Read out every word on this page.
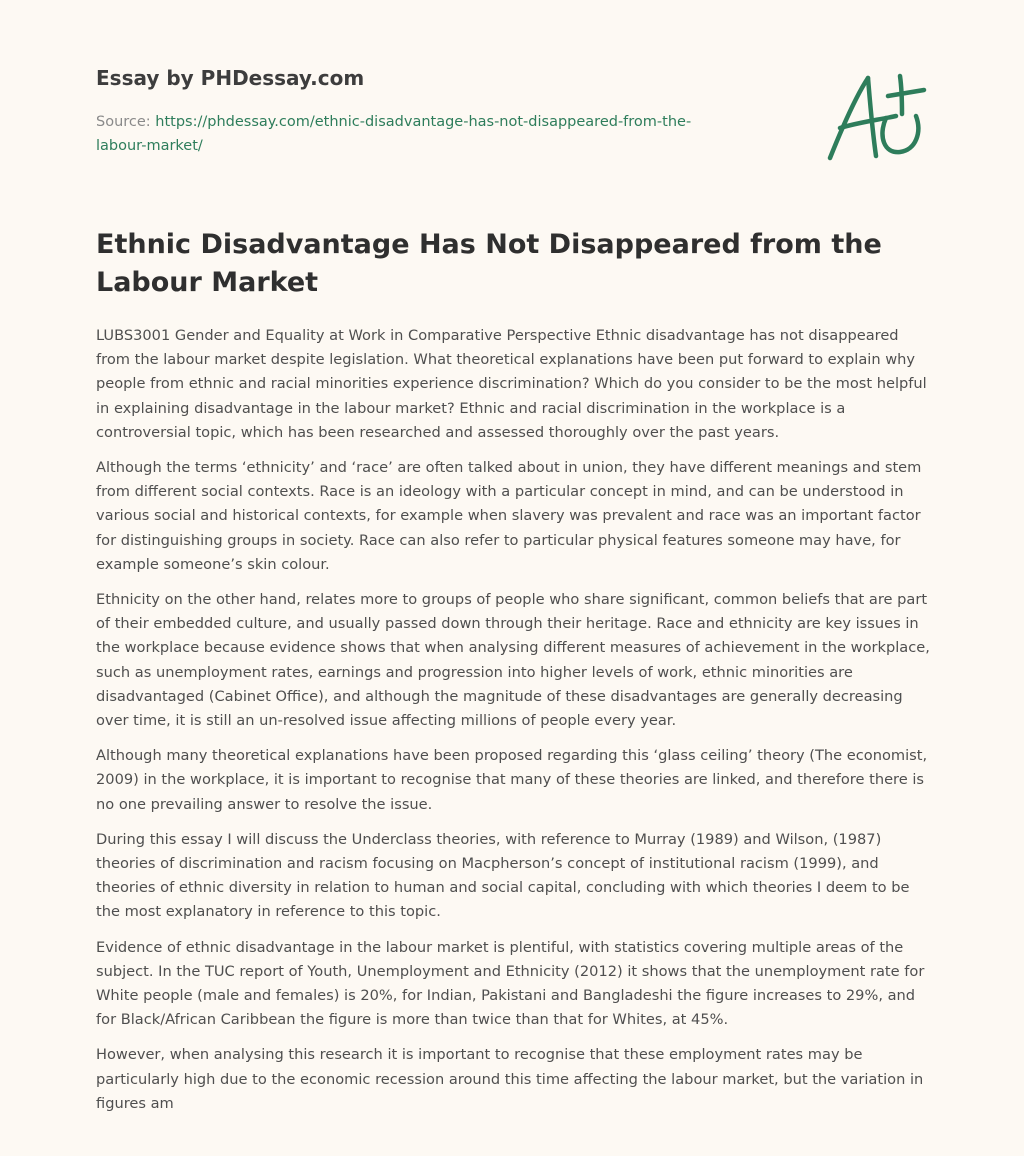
Essay by PHDessay.com
Source: https://phdessay.com/ethnic-disadvantage-has-not-disappeared-from-the-labour-market/
Ethnic Disadvantage Has Not Disappeared from the Labour Market

LUBS3001 Gender and Equality at Work in Comparative Perspective Ethnic disadvantage has not disappeared from the labour market despite legislation. What theoretical explanations have been put forward to explain why people from ethnic and racial minorities experience discrimination? Which do you consider to be the most helpful in explaining disadvantage in the labour market? Ethnic and racial discrimination in the workplace is a controversial topic, which has been researched and assessed thoroughly over the past years.

Although the terms ‘ethnicity’ and ‘race’ are often talked about in union, they have different meanings and stem from different social contexts. Race is an ideology with a particular concept in mind, and can be understood in various social and historical contexts, for example when slavery was prevalent and race was an important factor for distinguishing groups in society. Race can also refer to particular physical features someone may have, for example someone’s skin colour.

Ethnicity on the other hand, relates more to groups of people who share significant, common beliefs that are part of their embedded culture, and usually passed down through their heritage. Race and ethnicity are key issues in the workplace because evidence shows that when analysing different measures of achievement in the workplace, such as unemployment rates, earnings and progression into higher levels of work, ethnic minorities are disadvantaged (Cabinet Office), and although the magnitude of these disadvantages are generally decreasing over time, it is still an un-resolved issue affecting millions of people every year.

Although many theoretical explanations have been proposed regarding this ‘glass ceiling’ theory (The economist, 2009) in the workplace, it is important to recognise that many of these theories are linked, and therefore there is no one prevailing answer to resolve the issue.

During this essay I will discuss the Underclass theories, with reference to Murray (1989) and Wilson, (1987) theories of discrimination and racism focusing on Macpherson’s concept of institutional racism (1999), and theories of ethnic diversity in relation to human and social capital, concluding with which theories I deem to be the most explanatory in reference to this topic.

Evidence of ethnic disadvantage in the labour market is plentiful, with statistics covering multiple areas of the subject. In the TUC report of Youth, Unemployment and Ethnicity (2012) it shows that the unemployment rate for White people (male and females) is 20%, for Indian, Pakistani and Bangladeshi the figure increases to 29%, and for Black/African Caribbean the figure is more than twice than that for Whites, at 45%.

However, when analysing this research it is important to recognise that these employment rates may be particularly high due to the economic recession around this time affecting the labour market, but the variation in figures am
